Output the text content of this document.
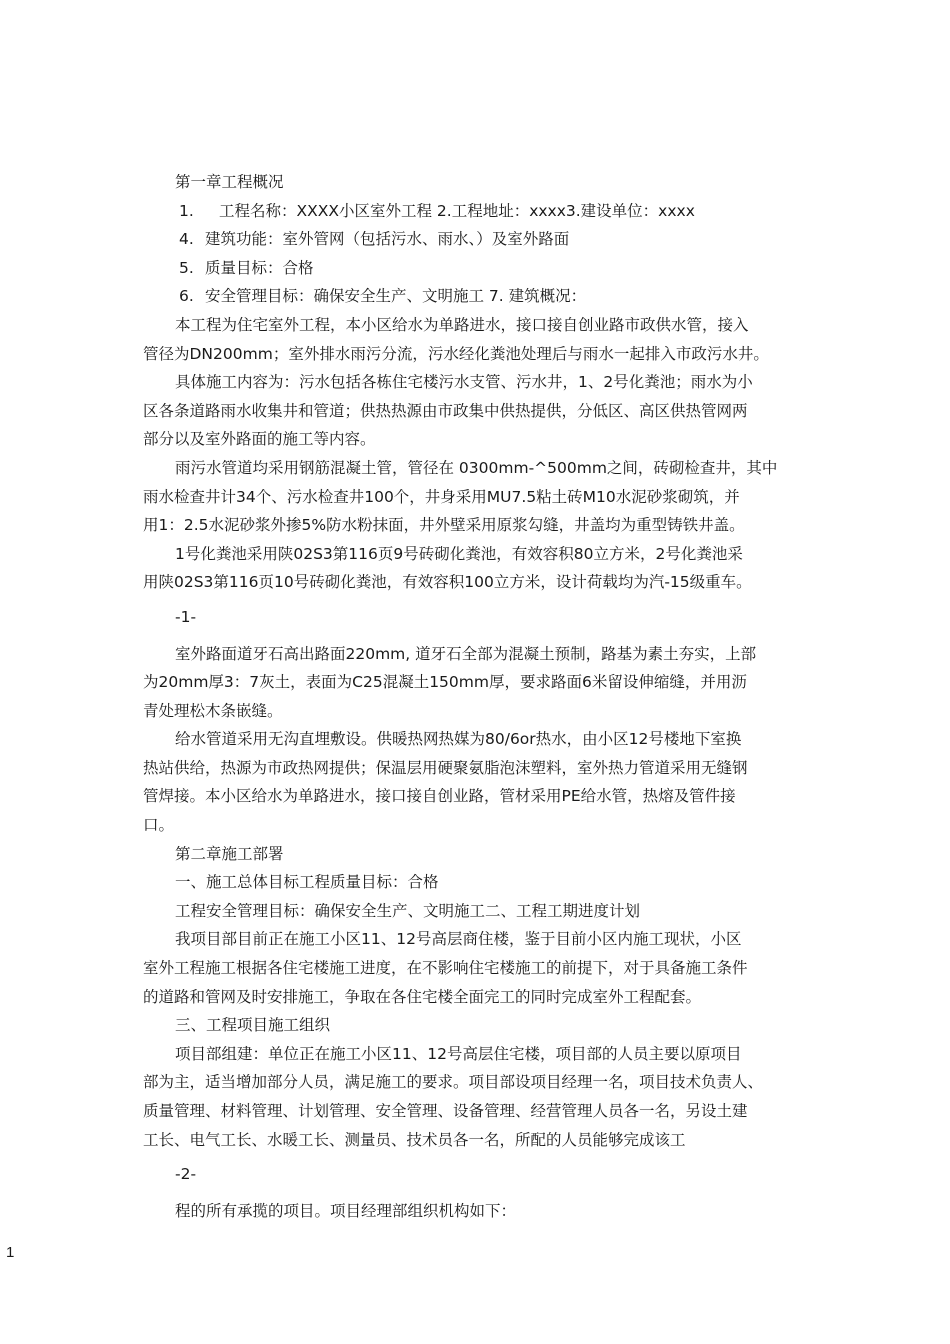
第一章工程概况
1. 工程名称：XXXX小区室外工程 2.工程地址：xxxx3.建设单位：xxxx
4. 建筑功能：室外管网（包括污水、雨水、）及室外路面
5. 质量目标：合格
6. 安全管理目标：确保安全生产、文明施工 7. 建筑概况：
本工程为住宅室外工程，本小区给水为单路进水，接口接自创业路市政供水管，接入
管径为DN200mm；室外排水雨污分流，污水经化粪池处理后与雨水一起排入市政污水井。
具体施工内容为：污水包括各栋住宅楼污水支管、污水井，1、2号化粪池；雨水为小
区各条道路雨水收集井和管道；供热热源由市政集中供热提供，分低区、高区供热管网两
部分以及室外路面的施工等内容。
雨污水管道均采用钢筋混凝土管，管径在 0300mm-^500mm之间，砖砌检查井，其中
雨水检查井计34个、污水检查井100个，井身采用MU7.5粘土砖M10水泥砂浆砌筑，并
用1：2.5水泥砂浆外掺5%防水粉抹面，井外壁采用原浆勾缝，井盖均为重型铸铁井盖。
1号化粪池采用陕02S3第116页9号砖砌化粪池，有效容积80立方米，2号化粪池采
用陕02S3第116页10号砖砌化粪池，有效容积100立方米，设计荷载均为汽-15级重车。
-1-
室外路面道牙石高出路面220mm, 道牙石全部为混凝土预制，路基为素土夯实，上部
为20mm厚3：7灰土，表面为C25混凝土150mm厚，要求路面6米留设伸缩缝，并用沥
青处理松木条嵌缝。
给水管道采用无沟直埋敷设。供暖热网热媒为80/6or热水，由小区12号楼地下室换
热站供给，热源为市政热网提供；保温层用硬聚氨脂泡沫塑料，室外热力管道采用无缝钢
管焊接。本小区给水为单路进水，接口接自创业路，管材采用PE给水管，热熔及管件接
口。
第二章施工部署
一、施工总体目标工程质量目标：合格
工程安全管理目标：确保安全生产、文明施工二、工程工期进度计划
我项目部目前正在施工小区11、12号高层商住楼，鉴于目前小区内施工现状，小区
室外工程施工根据各住宅楼施工进度，在不影响住宅楼施工的前提下，对于具备施工条件
的道路和管网及时安排施工，争取在各住宅楼全面完工的同时完成室外工程配套。
三、工程项目施工组织
项目部组建：单位正在施工小区11、12号高层住宅楼，项目部的人员主要以原项目
部为主，适当增加部分人员，满足施工的要求。项目部设项目经理一名，项目技术负责人、
质量管理、材料管理、计划管理、安全管理、设备管理、经营管理人员各一名，另设土建
工长、电气工长、水暖工长、测量员、技术员各一名，所配的人员能够完成该工
-2-
程的所有承揽的项目。项目经理部组织机构如下：
1
